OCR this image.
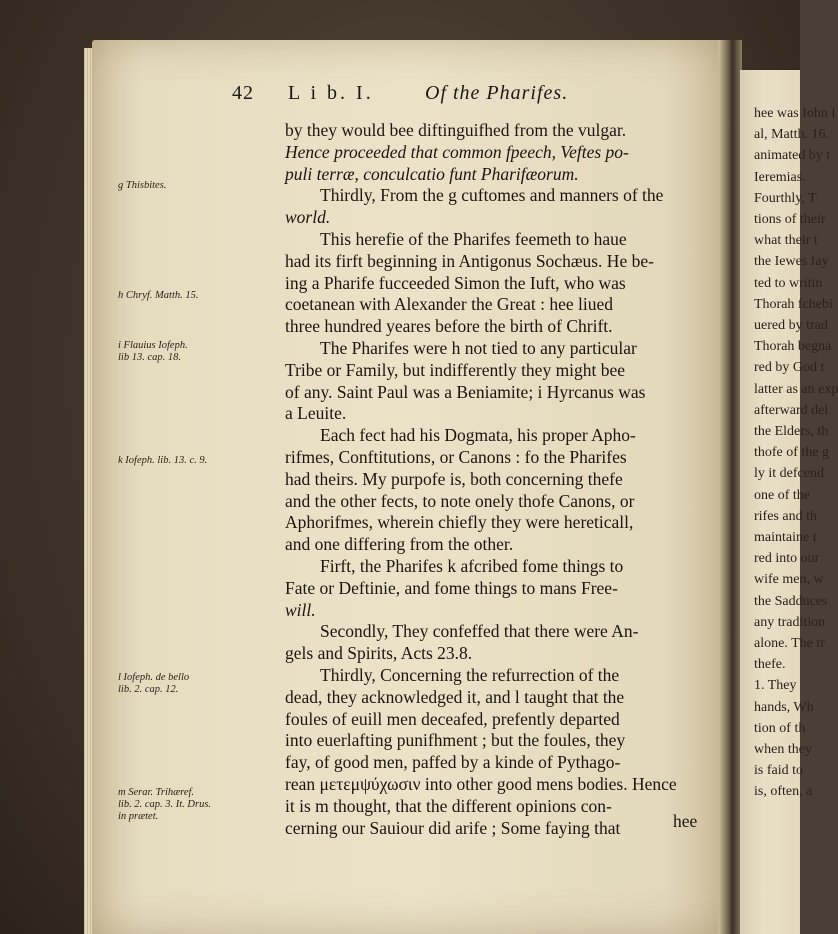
hee was Iohn i
al, Matth. 16.
animated by t
Ieremias.
Fourthly, T
tions of their
what their t
the Iewes fay
ted to writin
Thorah fchebi
uered by trad
Thorah begna
red by God t
latter as an exp
afterward del
the Elders, th
thofe of the g
ly it defcend
one of the
rifes and th
maintaine t
red into our
wife men, w
the Sadduces
any tradition
alone. The tr
thefe.
1. They
hands, Wh
tion of th
when they
is faid to
is, often, a
42 L i b. I.	Of the Pharifes.
by they would bee diftinguifhed from the vulgar.
Hence proceeded that common fpeech, Veftes po-
puli terræ, conculcatio funt Pharifæorum.
Thirdly, From the g cuftomes and manners of the
world.
This herefie of the Pharifes feemeth to haue
had its firft beginning in Antigonus Sochæus. He be-
ing a Pharife fucceeded Simon the Iuft, who was
coetanean with Alexander the Great : hee liued
three hundred yeares before the birth of Chrift.
The Pharifes were h not tied to any particular
Tribe or Family, but indifferently they might bee
of any. Saint Paul was a Beniamite; i Hyrcanus was
a Leuite.
Each fect had his Dogmata, his proper Apho-
rifmes, Conftitutions, or Canons : fo the Pharifes
had theirs. My purpofe is, both concerning thefe
and the other fects, to note onely thofe Canons, or
Aphorifmes, wherein chiefly they were hereticall,
and one differing from the other.
Firft, the Pharifes k afcribed fome things to
Fate or Deftinie, and fome things to mans Free-
will.
Secondly, They confeffed that there were An-
gels and Spirits, Acts 23.8.
Thirdly, Concerning the refurrection of the
dead, they acknowledged it, and l taught that the
foules of euill men deceafed, prefently departed
into euerlafting punifhment ; but the foules, they
fay, of good men, paffed by a kinde of Pythago-
rean μετεμψύχωσιν into other good mens bodies. Hence
it is m thought, that the different opinions con-
cerning our Sauiour did arife ; Some faying that
g Thisbites.
h Chryf. Matth. 15.
i Flauius Iofeph.
lib 13. cap. 18.
k Iofeph. lib. 13. c. 9.
l Iofeph. de bello
lib. 2. cap. 12.
m Serar. Trihæref.
lib. 2. cap. 3. It. Drus.
in prætet.	hee
